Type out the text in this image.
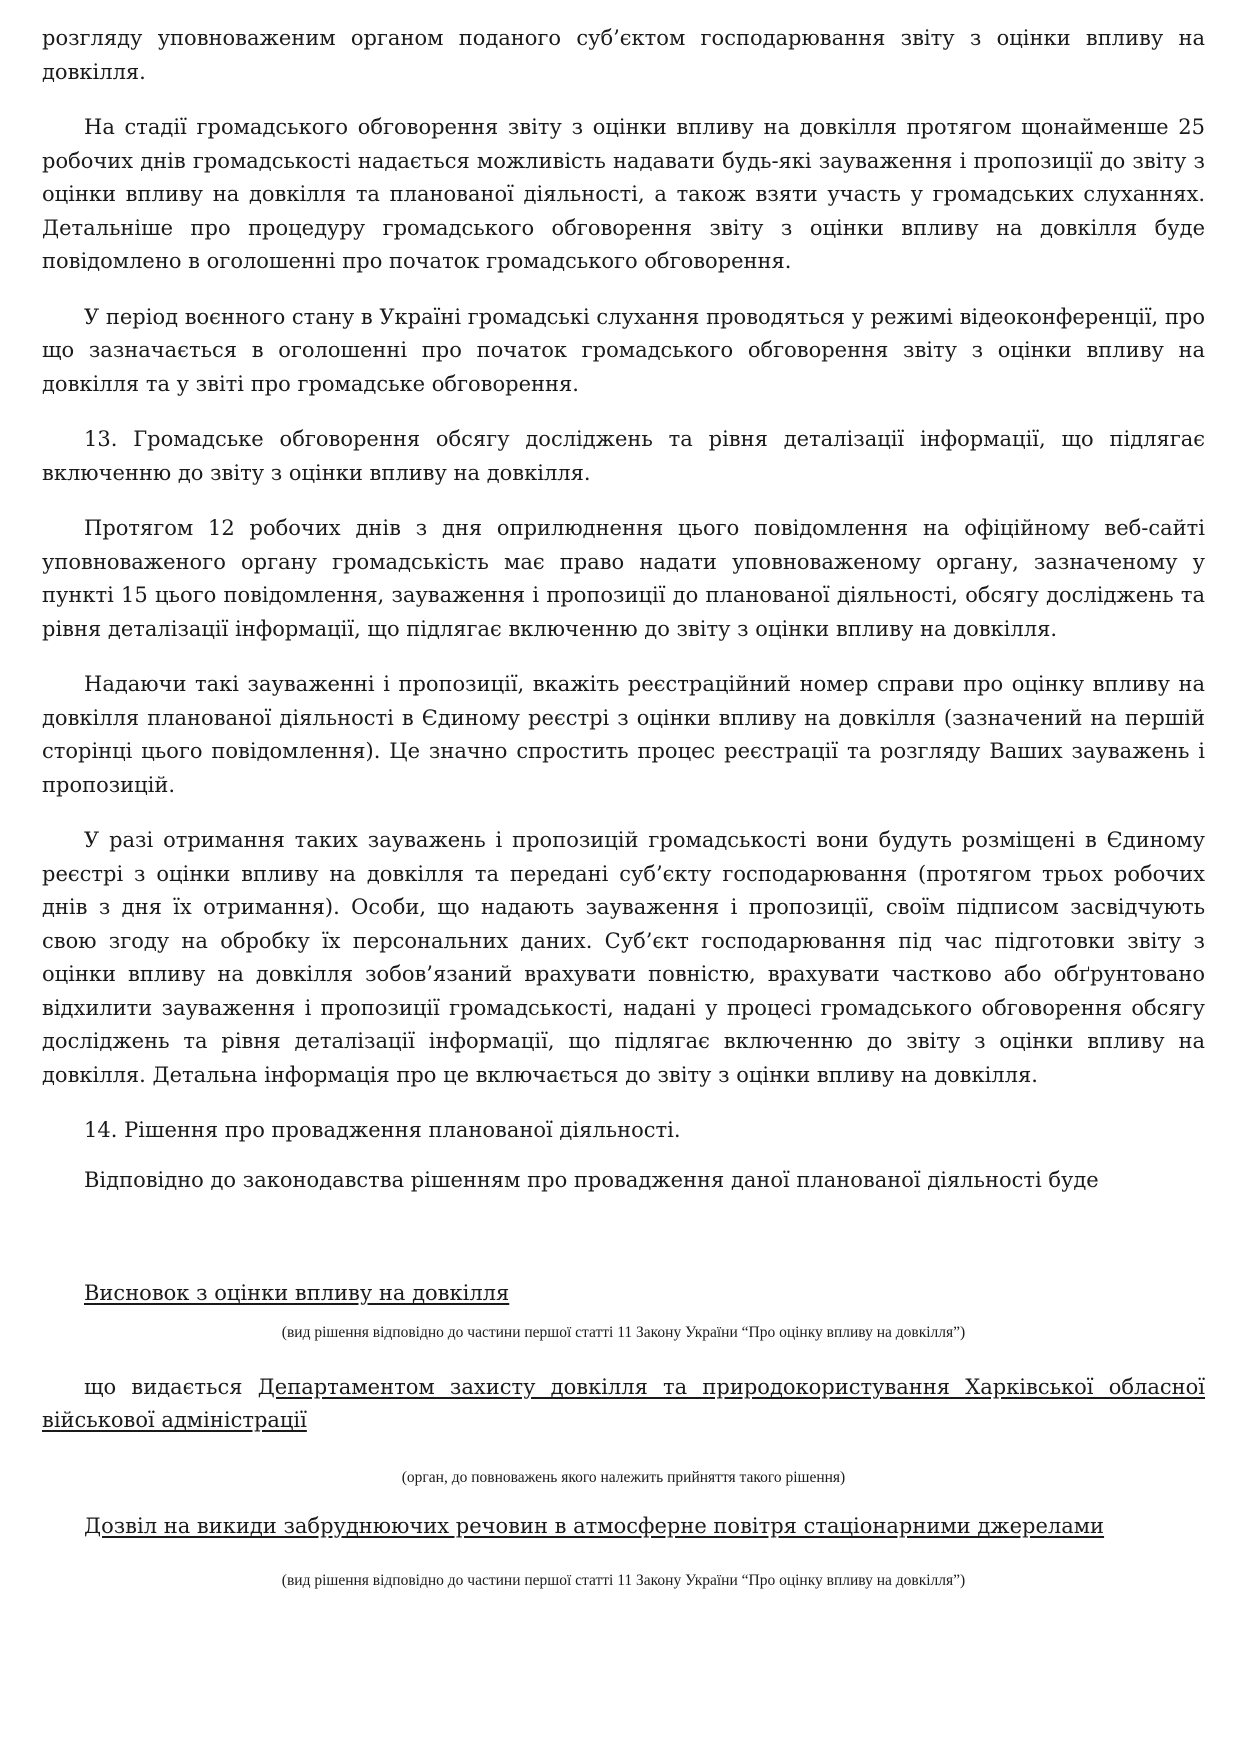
розгляду уповноваженим органом поданого суб’єктом господарювання звіту з оцінки впливу на довкілля.

На стадії громадського обговорення звіту з оцінки впливу на довкілля протягом щонайменше 25 робочих днів громадськості надається можливість надавати будь-які зауваження і пропозиції до звіту з оцінки впливу на довкілля та планованої діяльності, а також взяти участь у громадських слуханнях. Детальніше про процедуру громадського обговорення звіту з оцінки впливу на довкілля буде повідомлено в оголошенні про початок громадського обговорення.

У період воєнного стану в Україні громадські слухання проводяться у режимі відеоконференції, про що зазначається в оголошенні про початок громадського обговорення звіту з оцінки впливу на довкілля та у звіті про громадське обговорення.

13. Громадське обговорення обсягу досліджень та рівня деталізації інформації, що підлягає включенню до звіту з оцінки впливу на довкілля.

Протягом 12 робочих днів з дня оприлюднення цього повідомлення на офіційному веб-сайті уповноваженого органу громадськість має право надати уповноваженому органу, зазначеному у пункті 15 цього повідомлення, зауваження і пропозиції до планованої діяльності, обсягу досліджень та рівня деталізації інформації, що підлягає включенню до звіту з оцінки впливу на довкілля.

Надаючи такі зауваженні і пропозиції, вкажіть реєстраційний номер справи про оцінку впливу на довкілля планованої діяльності в Єдиному реєстрі з оцінки впливу на довкілля (зазначений на першій сторінці цього повідомлення). Це значно спростить процес реєстрації та розгляду Ваших зауважень і пропозицій.

У разі отримання таких зауважень і пропозицій громадськості вони будуть розміщені в Єдиному реєстрі з оцінки впливу на довкілля та передані суб’єкту господарювання (протягом трьох робочих днів з дня їх отримання). Особи, що надають зауваження і пропозиції, своїм підписом засвідчують свою згоду на обробку їх персональних даних. Суб’єкт господарювання під час підготовки звіту з оцінки впливу на довкілля зобов’язаний врахувати повністю, врахувати частково або обґрунтовано відхилити зауваження і пропозиції громадськості, надані у процесі громадського обговорення обсягу досліджень та рівня деталізації інформації, що підлягає включенню до звіту з оцінки впливу на довкілля. Детальна інформація про це включається до звіту з оцінки впливу на довкілля.

14. Рішення про провадження планованої діяльності.

Відповідно до законодавства рішенням про провадження даної планованої діяльності буде

Висновок з оцінки впливу на довкілля

(вид рішення відповідно до частини першої статті 11 Закону України “Про оцінку впливу на довкілля”)

що видається Департаментом захисту довкілля та природокористування Харківської обласної військової адміністрації

(орган, до повноважень якого належить прийняття такого рішення)

Дозвіл на викиди забруднюючих речовин в атмосферне повітря стаціонарними джерелами

(вид рішення відповідно до частини першої статті 11 Закону України “Про оцінку впливу на довкілля”)
